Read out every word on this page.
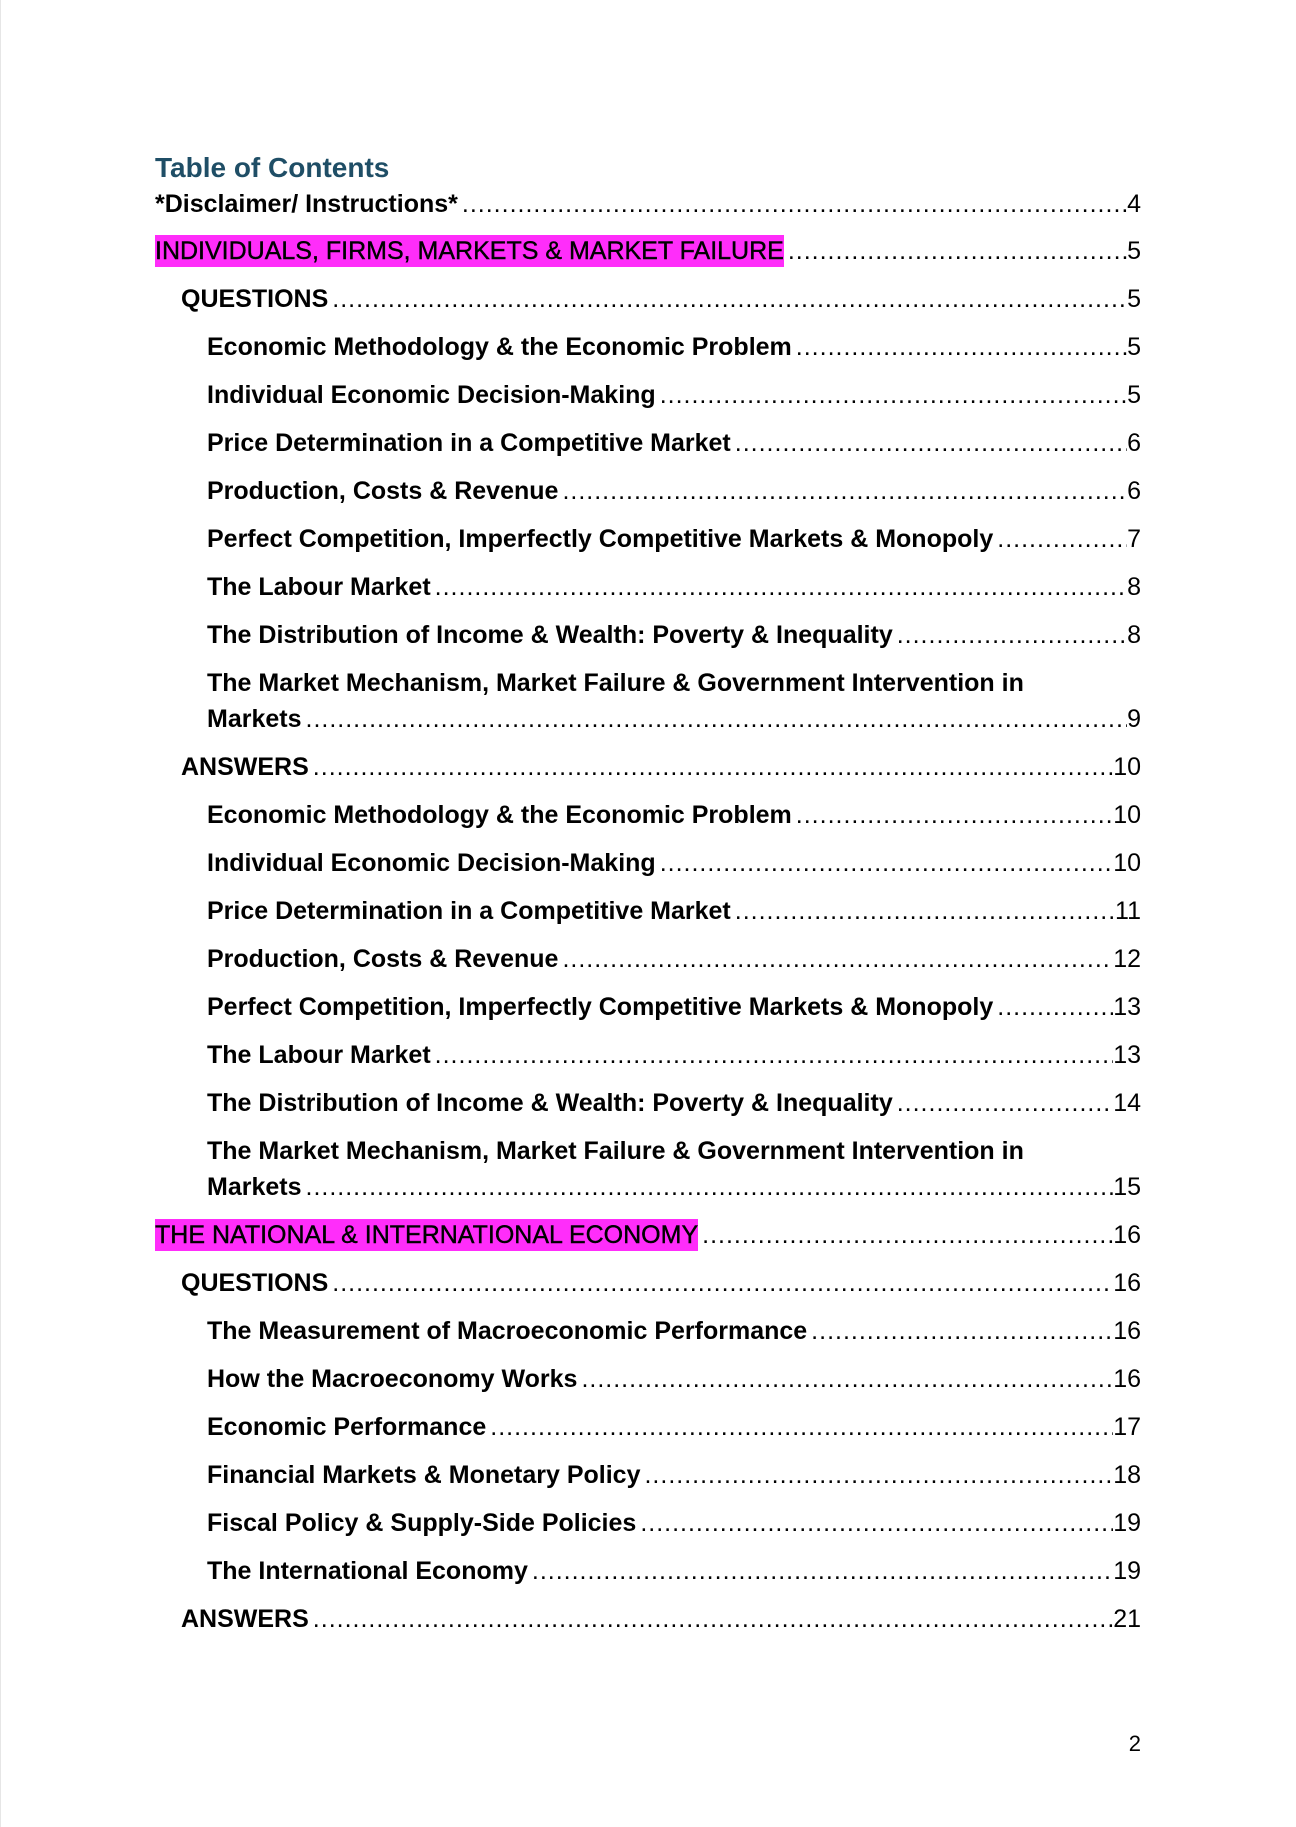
Table of Contents
*Disclaimer/ Instructions* .....	4
INDIVIDUALS, FIRMS, MARKETS & MARKET FAILURE .....	5
QUESTIONS .....	5
Economic Methodology & the Economic Problem .....	5
Individual Economic Decision-Making .....	5
Price Determination in a Competitive Market .....	6
Production, Costs & Revenue .....	6
Perfect Competition, Imperfectly Competitive Markets & Monopoly .....	7
The Labour Market .....	8
The Distribution of Income & Wealth: Poverty & Inequality .....	8
The Market Mechanism, Market Failure & Government Intervention in
Markets .....	9
ANSWERS .....	10
Economic Methodology & the Economic Problem .....	10
Individual Economic Decision-Making .....	10
Price Determination in a Competitive Market .....	11
Production, Costs & Revenue .....	12
Perfect Competition, Imperfectly Competitive Markets & Monopoly .....	13
The Labour Market .....	13
The Distribution of Income & Wealth: Poverty & Inequality .....	14
The Market Mechanism, Market Failure & Government Intervention in
Markets .....	15
THE NATIONAL & INTERNATIONAL ECONOMY .....	16
QUESTIONS .....	16
The Measurement of Macroeconomic Performance .....	16
How the Macroeconomy Works .....	16
Economic Performance .....	17
Financial Markets & Monetary Policy .....	18
Fiscal Policy & Supply-Side Policies .....	19
The International Economy .....	19
ANSWERS .....	21
2
